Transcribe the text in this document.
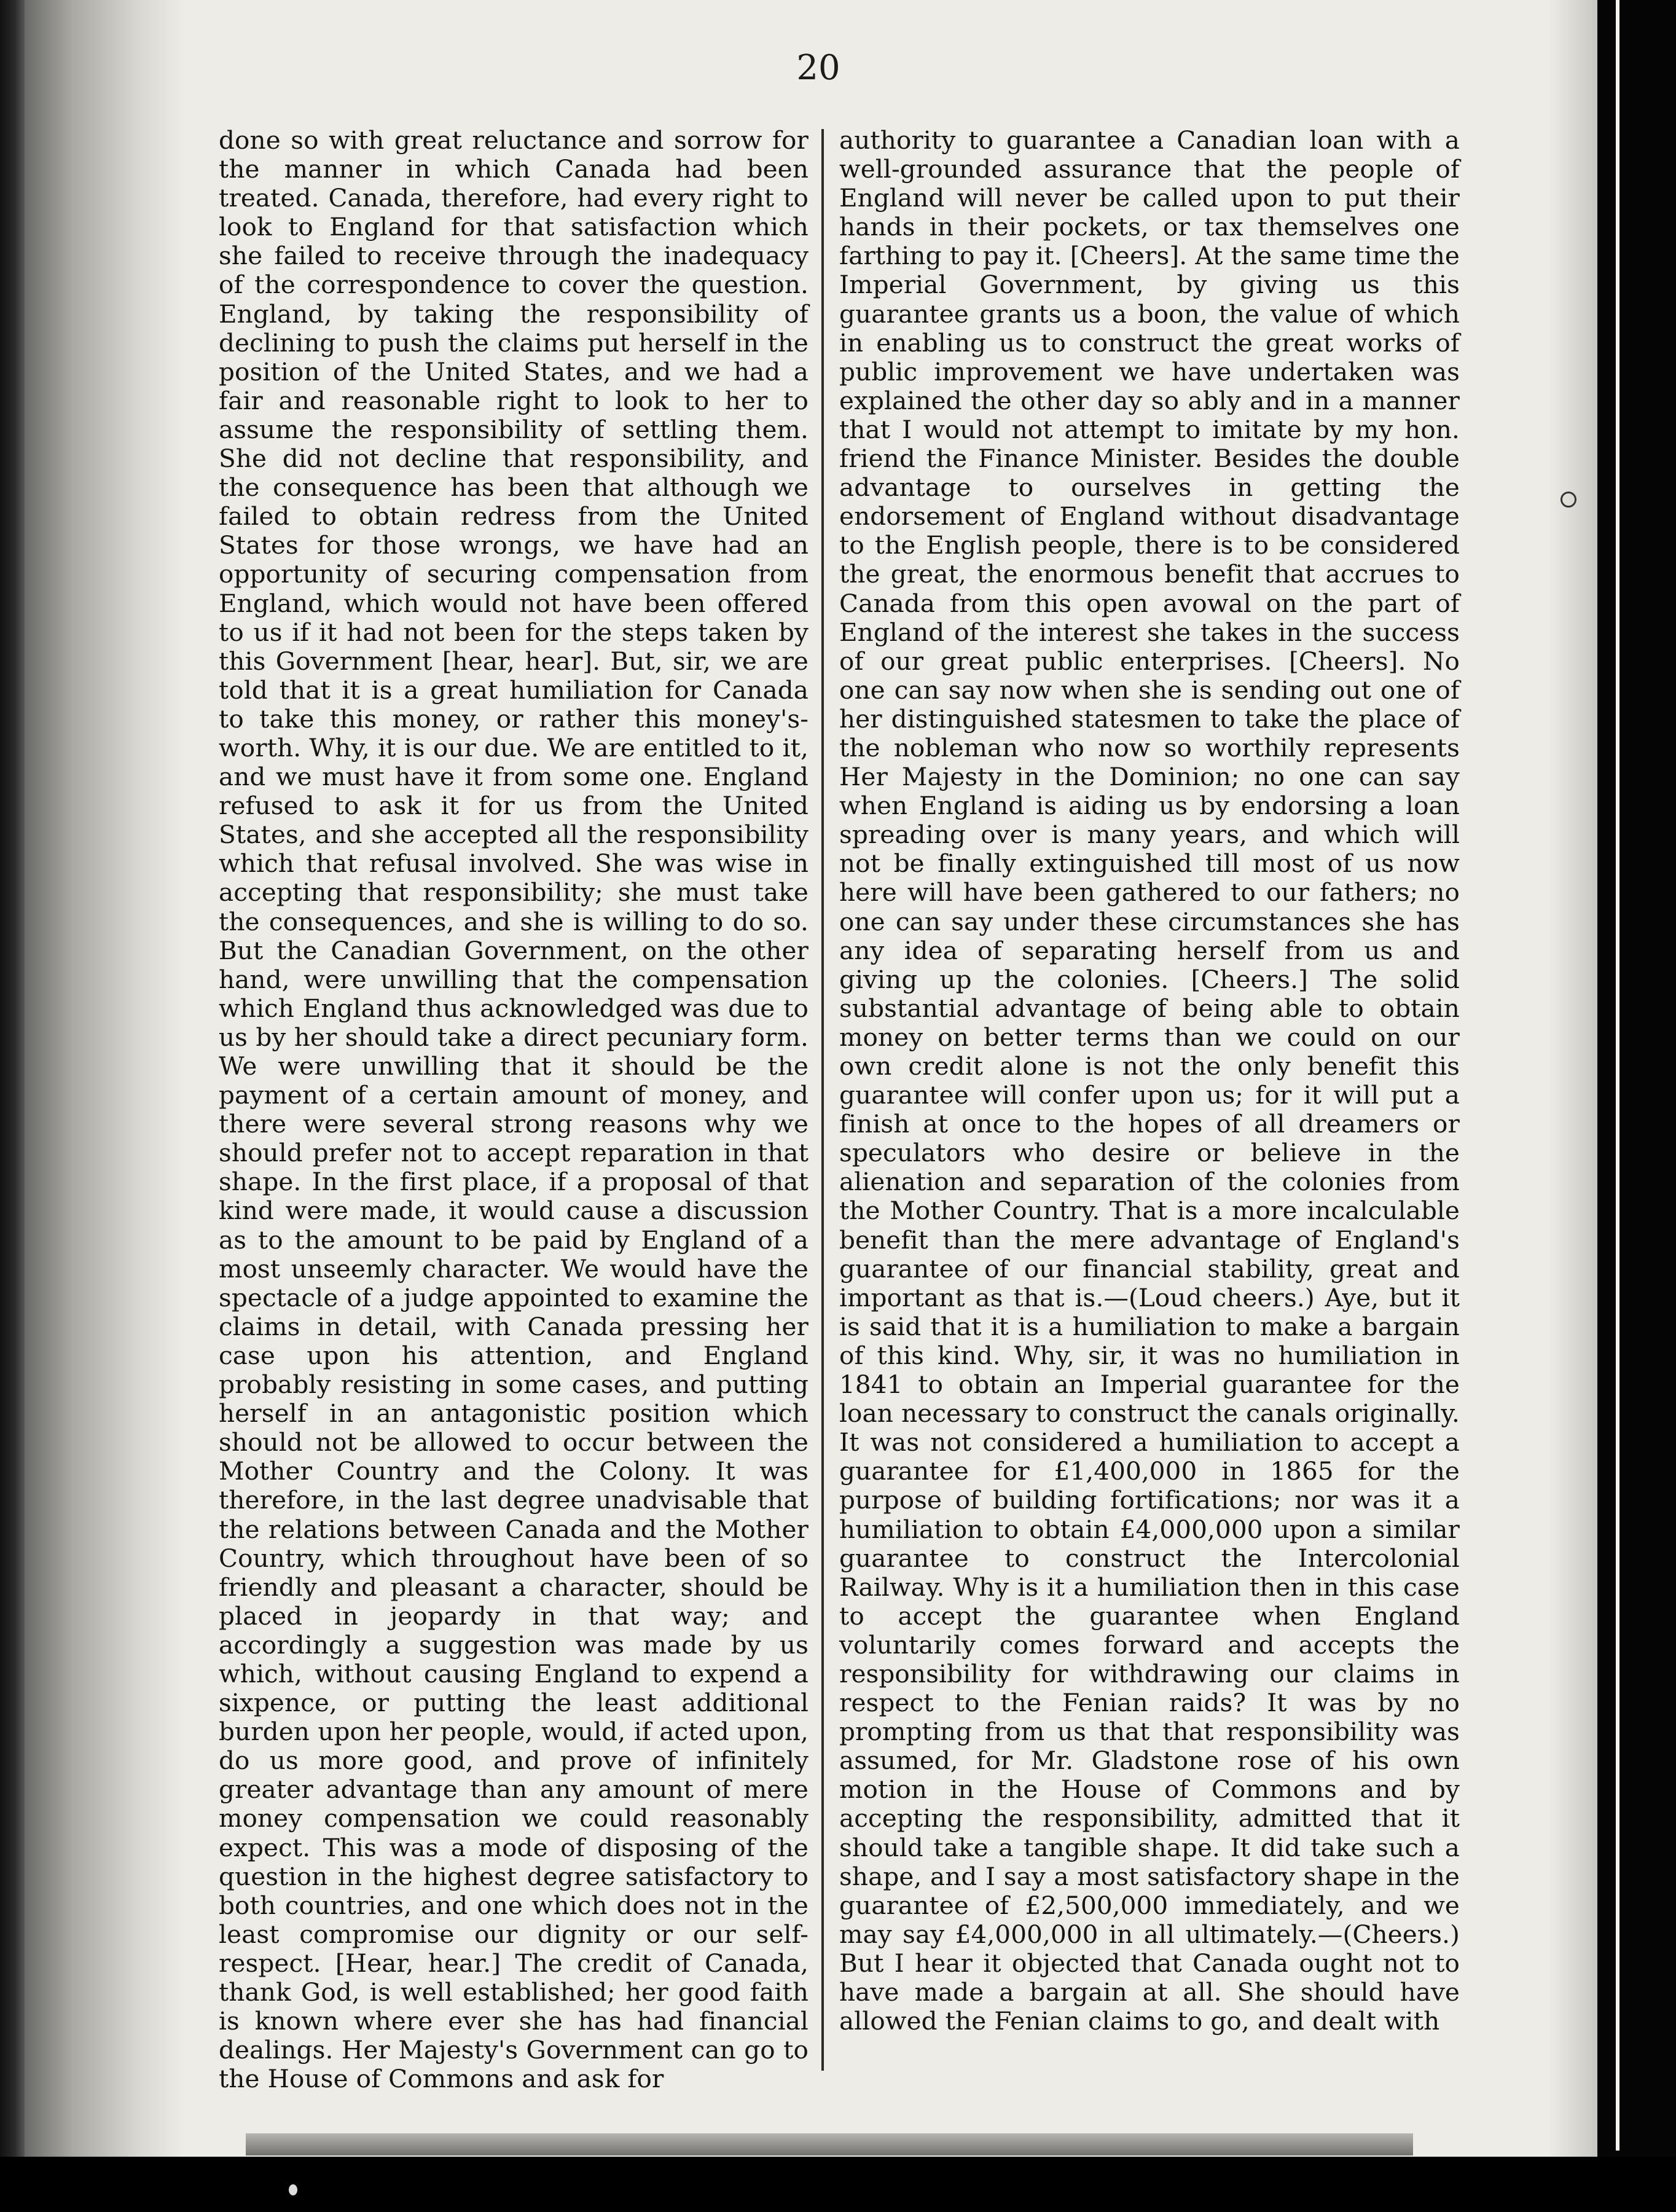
20

done so with great reluctance and sorrow for the manner in which Canada had been treated. Canada, therefore, had every right to look to England for that satisfaction which she failed to receive through the inadequacy of the correspondence to cover the question. England, by taking the responsibility of declining to push the claims put herself in the position of the United States, and we had a fair and reasonable right to look to her to assume the responsibility of settling them. She did not decline that responsibility, and the consequence has been that although we failed to obtain redress from the United States for those wrongs, we have had an opportunity of securing compensation from England, which would not have been offered to us if it had not been for the steps taken by this Government [hear, hear]. But, sir, we are told that it is a great humiliation for Canada to take this money, or rather this money's-worth. Why, it is our due. We are entitled to it, and we must have it from some one. England refused to ask it for us from the United States, and she accepted all the responsibility which that refusal involved. She was wise in accepting that responsibility; she must take the consequences, and she is willing to do so. But the Canadian Government, on the other hand, were unwilling that the compensation which England thus acknowledged was due to us by her should take a direct pecuniary form. We were unwilling that it should be the payment of a certain amount of money, and there were several strong reasons why we should prefer not to accept reparation in that shape. In the first place, if a proposal of that kind were made, it would cause a discussion as to the amount to be paid by England of a most unseemly character. We would have the spectacle of a judge appointed to examine the claims in detail, with Canada pressing her case upon his attention, and England probably resisting in some cases, and putting herself in an antagonistic position which should not be allowed to occur between the Mother Country and the Colony. It was therefore, in the last degree unadvisable that the relations between Canada and the Mother Country, which throughout have been of so friendly and pleasant a character, should be placed in jeopardy in that way; and accordingly a suggestion was made by us which, without causing England to expend a sixpence, or putting the least additional burden upon her people, would, if acted upon, do us more good, and prove of infinitely greater advantage than any amount of mere money compensation we could reasonably expect. This was a mode of disposing of the question in the highest degree satisfactory to both countries, and one which does not in the least compromise our dignity or our self-respect. [Hear, hear.] The credit of Canada, thank God, is well established; her good faith is known where ever she has had financial dealings. Her Majesty's Government can go to the House of Commons and ask for

authority to guarantee a Canadian loan with a well-grounded assurance that the people of England will never be called upon to put their hands in their pockets, or tax themselves one farthing to pay it. [Cheers]. At the same time the Imperial Government, by giving us this guarantee grants us a boon, the value of which in enabling us to construct the great works of public improvement we have undertaken was explained the other day so ably and in a manner that I would not attempt to imitate by my hon. friend the Finance Minister. Besides the double advantage to ourselves in getting the endorsement of England without disadvantage to the English people, there is to be considered the great, the enormous benefit that accrues to Canada from this open avowal on the part of England of the interest she takes in the success of our great public enterprises. [Cheers]. No one can say now when she is sending out one of her distinguished statesmen to take the place of the nobleman who now so worthily represents Her Majesty in the Dominion; no one can say when England is aiding us by endorsing a loan spreading over is many years, and which will not be finally extinguished till most of us now here will have been gathered to our fathers; no one can say under these circumstances she has any idea of separating herself from us and giving up the colonies. [Cheers.] The solid substantial advantage of being able to obtain money on better terms than we could on our own credit alone is not the only benefit this guarantee will confer upon us; for it will put a finish at once to the hopes of all dreamers or speculators who desire or believe in the alienation and separation of the colonies from the Mother Country. That is a more incalculable benefit than the mere advantage of England's guarantee of our financial stability, great and important as that is.—(Loud cheers.) Aye, but it is said that it is a humiliation to make a bargain of this kind. Why, sir, it was no humiliation in 1841 to obtain an Imperial guarantee for the loan necessary to construct the canals originally. It was not considered a humiliation to accept a guarantee for £1,400,000 in 1865 for the purpose of building fortifications; nor was it a humiliation to obtain £4,000,000 upon a similar guarantee to construct the Intercolonial Railway. Why is it a humiliation then in this case to accept the guarantee when England voluntarily comes forward and accepts the responsibility for withdrawing our claims in respect to the Fenian raids? It was by no prompting from us that that responsibility was assumed, for Mr. Gladstone rose of his own motion in the House of Commons and by accepting the responsibility, admitted that it should take a tangible shape. It did take such a shape, and I say a most satisfactory shape in the guarantee of £2,500,000 immediately, and we may say £4,000,000 in all ultimately.—(Cheers.) But I hear it objected that Canada ought not to have made a bargain at all. She should have allowed the Fenian claims to go, and dealt with
